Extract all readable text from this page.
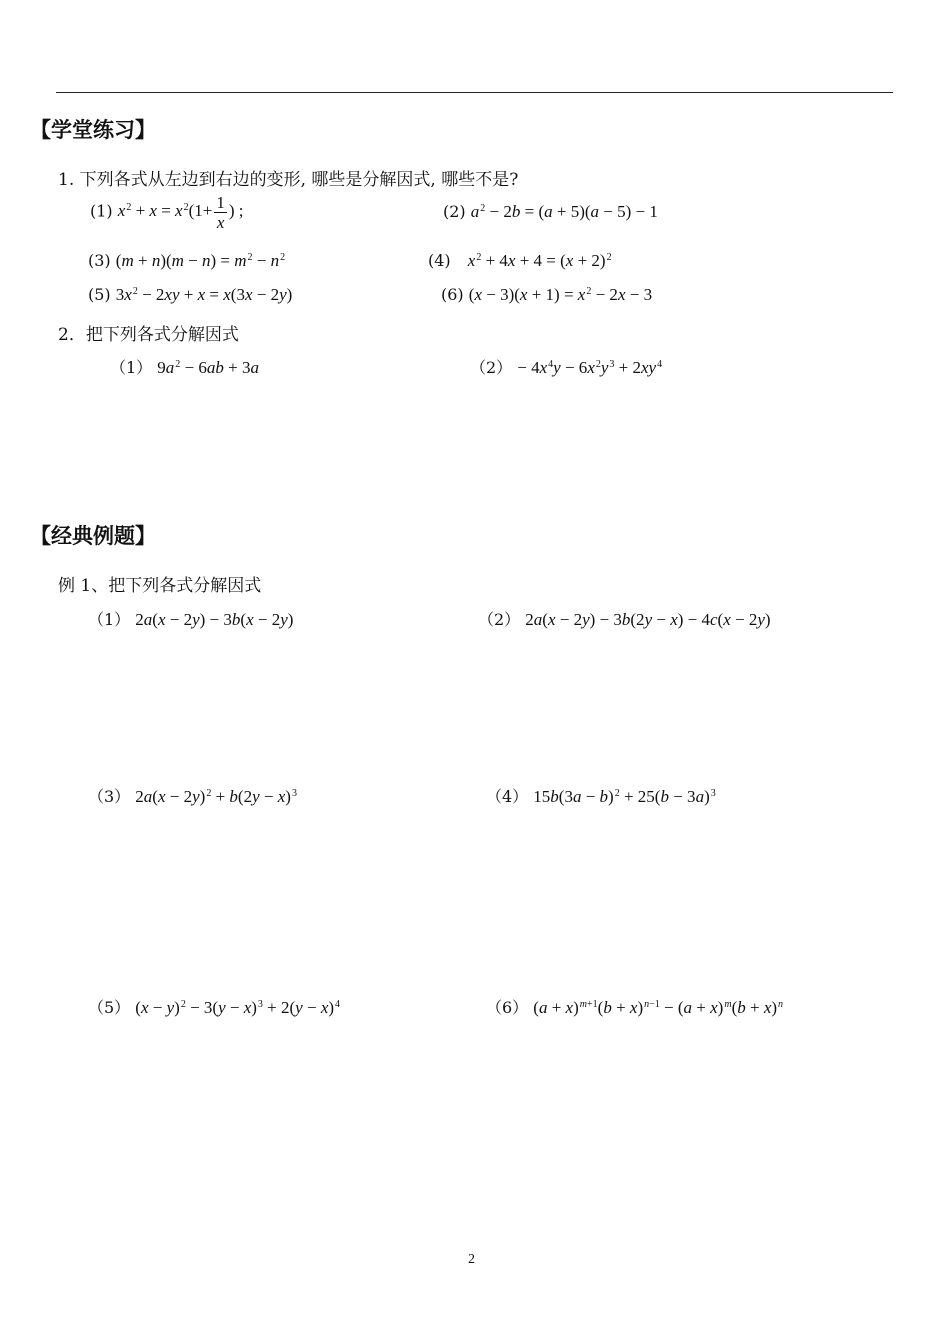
【学堂练习】
1. 下列各式从左边到右边的变形, 哪些是分解因式, 哪些不是?
(1) $x^2 + x = x^2(1+ \frac{1}{x}$ ) ;	(2) $a^2 - 2b = (a + 5)(a - 5) - 1$
(3) $(m + n)(m - n) = m^2 - n^2$	(4) $x^2 + 4x + 4 = (x + 2)^2$
(5) $3x^2 - 2xy + x = x(3x - 2y)$	(6) $(x - 3)(x + 1) = x^2 - 2x - 3$
2．把下列各式分解因式
（1） $9a^2 - 6ab + 3a$	$(2) - 4x^4y - 6x^2y^3 + 2xy^4$
【经典例题】
例 1、把下列各式分解因式
（1） 2a(x − 2y) − 3b(x − 2y)	（2） 2a(x − 2y) − 3b(2y − x) − 4c(x − 2y)
（3） $2a(x - 2y)^2 + b(2y - x)^3$	（4） $15b(3a - b)^2 + 25(b - 3a)^3$
（5） $(x - y)^2 - 3(y - x)^3 + 2(y - x)^4$	（6） $(a + x)^{m+1}(b + x)^{n-1} - (a + x)^m(b + x)^n$
2
